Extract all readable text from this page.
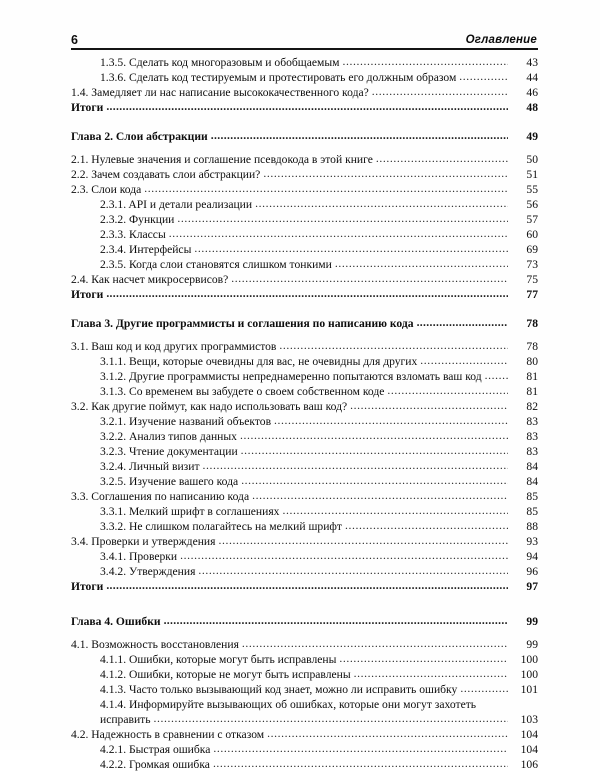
6	Оглавление
1.3.5. Сделать код многоразовым и обобщаемым .....	43
1.3.6. Сделать код тестируемым и протестировать его должным образом .....	44
1.4. Замедляет ли нас написание высококачественного кода? .....	46
Итоги .....	48
Глава 2. Слои абстракции .....	49
2.1. Нулевые значения и соглашение псевдокода в этой книге .....	50
2.2. Зачем создавать слои абстракции? .....	51
2.3. Слои кода .....	55
2.3.1. API и детали реализации .....	56
2.3.2. Функции .....	57
2.3.3. Классы .....	60
2.3.4. Интерфейсы .....	69
2.3.5. Когда слои становятся слишком тонкими .....	73
2.4. Как насчет микросервисов? .....	75
Итоги .....	77
Глава 3. Другие программисты и соглашения по написанию кода .....	78
3.1. Ваш код и код других программистов .....	78
3.1.1. Вещи, которые очевидны для вас, не очевидны для других .....	80
3.1.2. Другие программисты непреднамеренно попытаются взломать ваш код .....	81
3.1.3. Со временем вы забудете о своем собственном коде .....	81
3.2. Как другие поймут, как надо использовать ваш код? .....	82
3.2.1. Изучение названий объектов .....	83
3.2.2. Анализ типов данных .....	83
3.2.3. Чтение документации .....	83
3.2.4. Личный визит .....	84
3.2.5. Изучение вашего кода .....	84
3.3. Соглашения по написанию кода .....	85
3.3.1. Мелкий шрифт в соглашениях .....	85
3.3.2. Не слишком полагайтесь на мелкий шрифт .....	88
3.4. Проверки и утверждения .....	93
3.4.1. Проверки .....	94
3.4.2. Утверждения .....	96
Итоги .....	97
Глава 4. Ошибки .....	99
4.1. Возможность восстановления .....	99
4.1.1. Ошибки, которые могут быть исправлены .....	100
4.1.2. Ошибки, которые не могут быть исправлены .....	100
4.1.3. Часто только вызывающий код знает, можно ли исправить ошибку .....	101
4.1.4. Информируйте вызывающих об ошибках, которые они могут захотеть
исправить .....	103
4.2. Надежность в сравнении с отказом .....	104
4.2.1. Быстрая ошибка .....	104
4.2.2. Громкая ошибка .....	106
